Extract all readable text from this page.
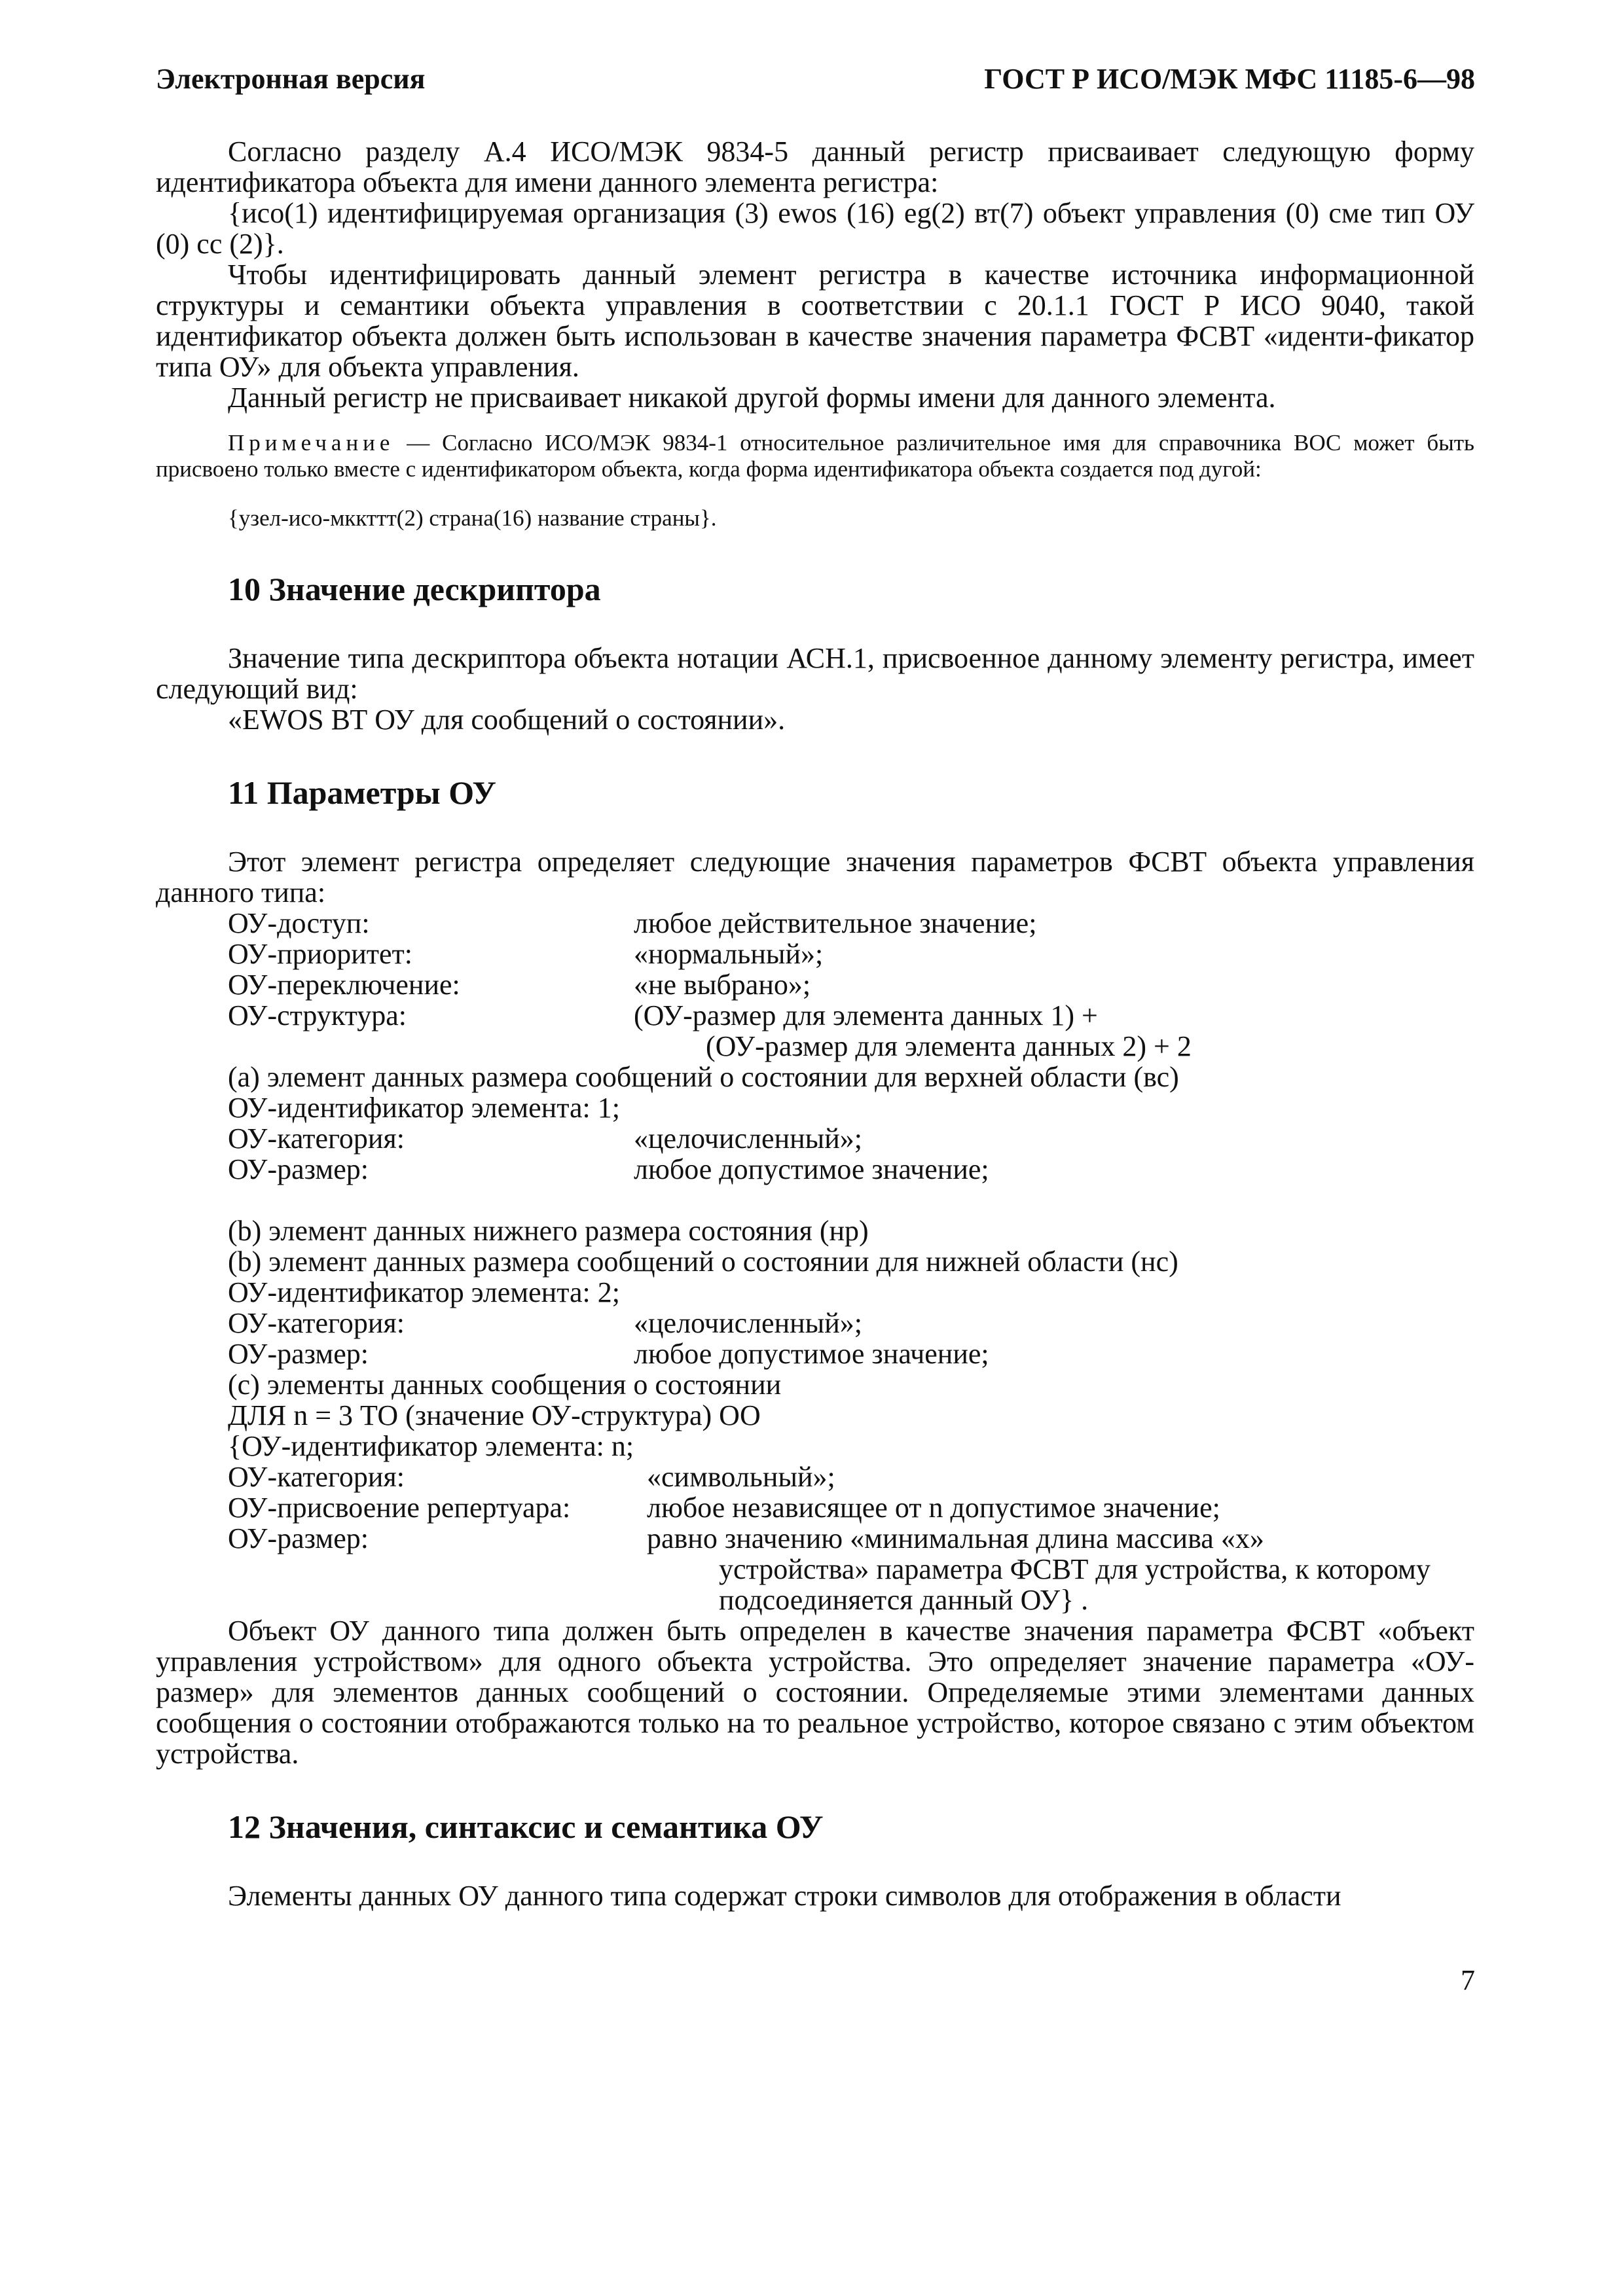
Электронная версия	ГОСТ Р ИСО/МЭК МФС 11185-6—98

Согласно разделу А.4 ИСО/МЭК 9834-5 данный регистр присваивает следующую форму идентификатора объекта для имени данного элемента регистра:

{исо(1) идентифицируемая организация (3) ewos (16) eg(2) вт(7) объект управления (0) сме тип ОУ (0) сс (2)}.

Чтобы идентифицировать данный элемент регистра в качестве источника информационной структуры и семантики объекта управления в соответствии с 20.1.1 ГОСТ Р ИСО 9040, такой идентификатор объекта должен быть использован в качестве значения параметра ФСВТ «иденти-фикатор типа ОУ» для объекта управления.

Данный регистр не присваивает никакой другой формы имени для данного элемента.

Примечание — Согласно ИСО/МЭК 9834-1 относительное различительное имя для справочника ВОС может быть присвоено только вместе с идентификатором объекта, когда форма идентификатора объекта создается под дугой:

{узел-исо-мккттт(2) страна(16) название страны}.

10 Значение дескриптора

Значение типа дескриптора объекта нотации АСН.1, присвоенное данному элементу регистра, имеет следующий вид:

«EWOS ВТ ОУ для сообщений о состоянии».

11 Параметры ОУ

Этот элемент регистра определяет следующие значения параметров ФСВТ объекта управления данного типа:

ОУ-доступ:	любое действительное значение;
ОУ-приоритет:	«нормальный»;
ОУ-переключение:	«не выбрано»;
ОУ-структура:	(ОУ-размер для элемента данных 1) +

(ОУ-размер для элемента данных 2) + 2

(а) элемент данных размера сообщений о состоянии для верхней области (вс)

ОУ-идентификатор элемента: 1;

ОУ-категория:	«целочисленный»;
ОУ-размер:	любое допустимое значение;

(b) элемент данных нижнего размера состояния (нр)

(b) элемент данных размера сообщений о состоянии для нижней области (нс)

ОУ-идентификатор элемента: 2;

ОУ-категория:	«целочисленный»;
ОУ-размер:	любое допустимое значение;

(с) элементы данных сообщения о состоянии

ДЛЯ n = 3 ТО (значение ОУ-структура) ОО

{ОУ-идентификатор элемента: n;

ОУ-категория:	«символьный»;
ОУ-присвоение репертуара:	любое независящее от n допустимое значение;
ОУ-размер:	равно значению «минимальная длина массива «х»

устройства» параметра ФСВТ для устройства, к которому

подсоединяется данный ОУ} .

Объект ОУ данного типа должен быть определен в качестве значения параметра ФСВТ «объект управления устройством» для одного объекта устройства. Это определяет значение параметра «ОУ-размер» для элементов данных сообщений о состоянии. Определяемые этими элементами данных сообщения о состоянии отображаются только на то реальное устройство, которое связано с этим объектом устройства.

12 Значения, синтаксис и семантика ОУ

Элементы данных ОУ данного типа содержат строки символов для отображения в области

7
